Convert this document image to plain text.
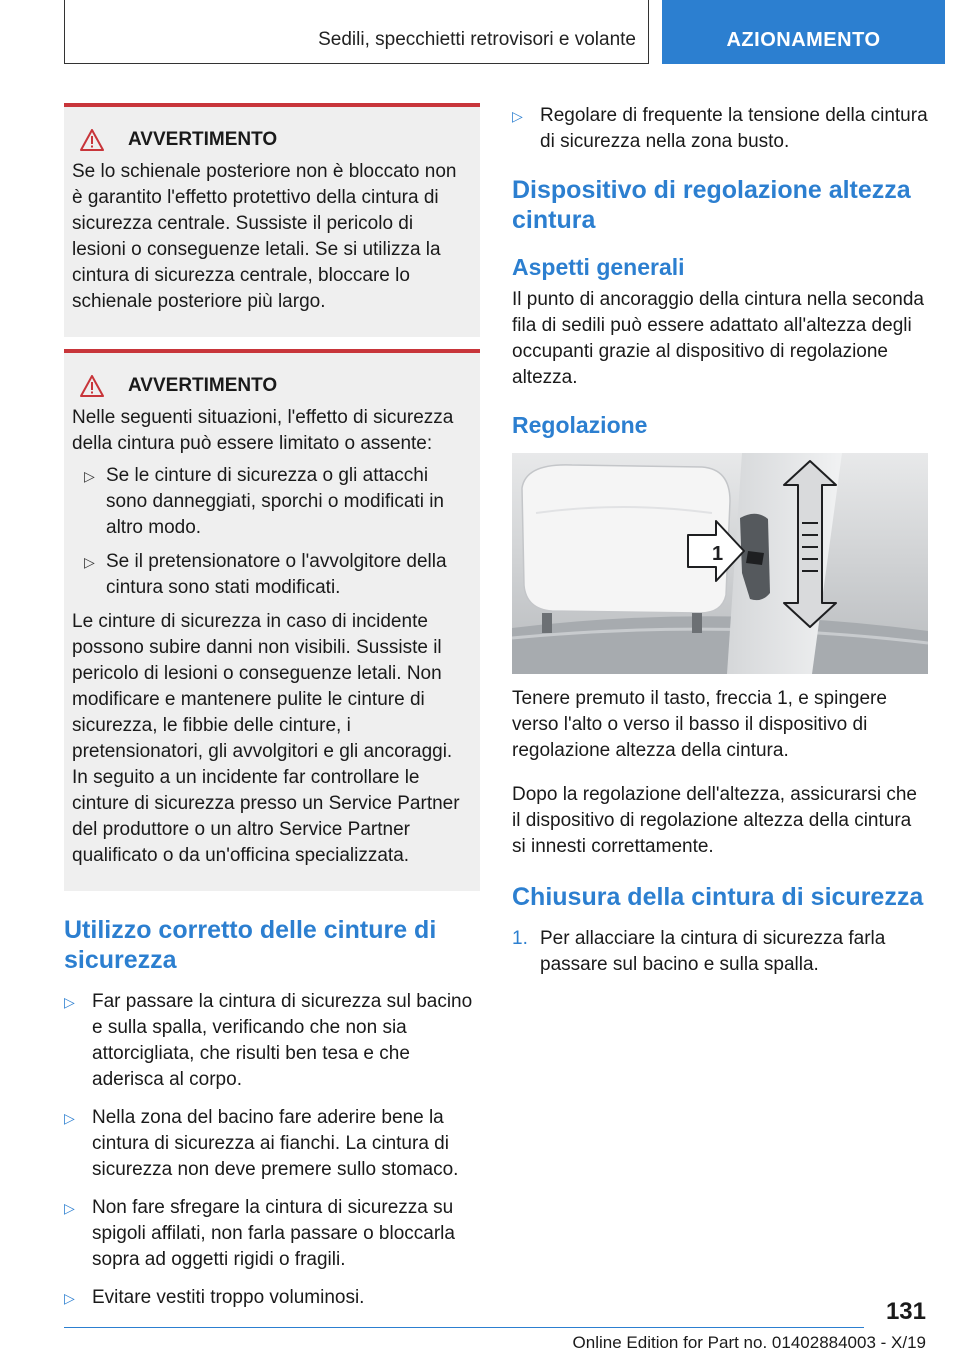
Sedili, specchietti retrovisori e volante	AZIONAMENTO
AVVERTIMENTO

Se lo schienale posteriore non è bloccato non è garantito l'effetto protettivo della cintura di sicurezza centrale. Sussiste il pericolo di lesioni o conseguenze letali. Se si utilizza la cintura di sicurezza centrale, bloccare lo schienale posteriore più largo.

AVVERTIMENTO

Nelle seguenti situazioni, l'effetto di sicurezza della cintura può essere limitato o assente:

▷ Se le cinture di sicurezza o gli attacchi sono danneggiati, sporchi o modificati in altro modo.
▷ Se il pretensionatore o l'avvolgitore della cintura sono stati modificati.

Le cinture di sicurezza in caso di incidente possono subire danni non visibili. Sussiste il pericolo di lesioni o conseguenze letali. Non modificare e mantenere pulite le cinture di sicurezza, le fibbie delle cinture, i pretensionatori, gli avvolgitori e gli ancoraggi. In seguito a un incidente far controllare le cinture di sicurezza presso un Service Partner del produttore o un altro Service Partner qualificato o da un'officina specializzata.

Utilizzo corretto delle cinture di sicurezza
▷ Far passare la cintura di sicurezza sul bacino e sulla spalla, verificando che non sia attorcigliata, che risulti ben tesa e che aderisca al corpo.
▷ Nella zona del bacino fare aderire bene la cintura di sicurezza ai fianchi. La cintura di sicurezza non deve premere sullo stomaco.
▷ Non fare sfregare la cintura di sicurezza su spigoli affilati, non farla passare o bloccarla sopra ad oggetti rigidi o fragili.
▷ Evitare vestiti troppo voluminosi.
▷ Regolare di frequente la tensione della cintura di sicurezza nella zona busto.
Dispositivo di regolazione altezza cintura
Aspetti generali

Il punto di ancoraggio della cintura nella seconda fila di sedili può essere adattato all'altezza degli occupanti grazie al dispositivo di regolazione altezza.

Regolazione
1

Tenere premuto il tasto, freccia 1, e spingere verso l'alto o verso il basso il dispositivo di regolazione altezza della cintura.

Dopo la regolazione dell'altezza, assicurarsi che il dispositivo di regolazione altezza della cintura si innesti correttamente.

Chiusura della cintura di sicurezza
1. Per allacciare la cintura di sicurezza farla passare sul bacino e sulla spalla.
131
Online Edition for Part no. 01402884003 - X/19
